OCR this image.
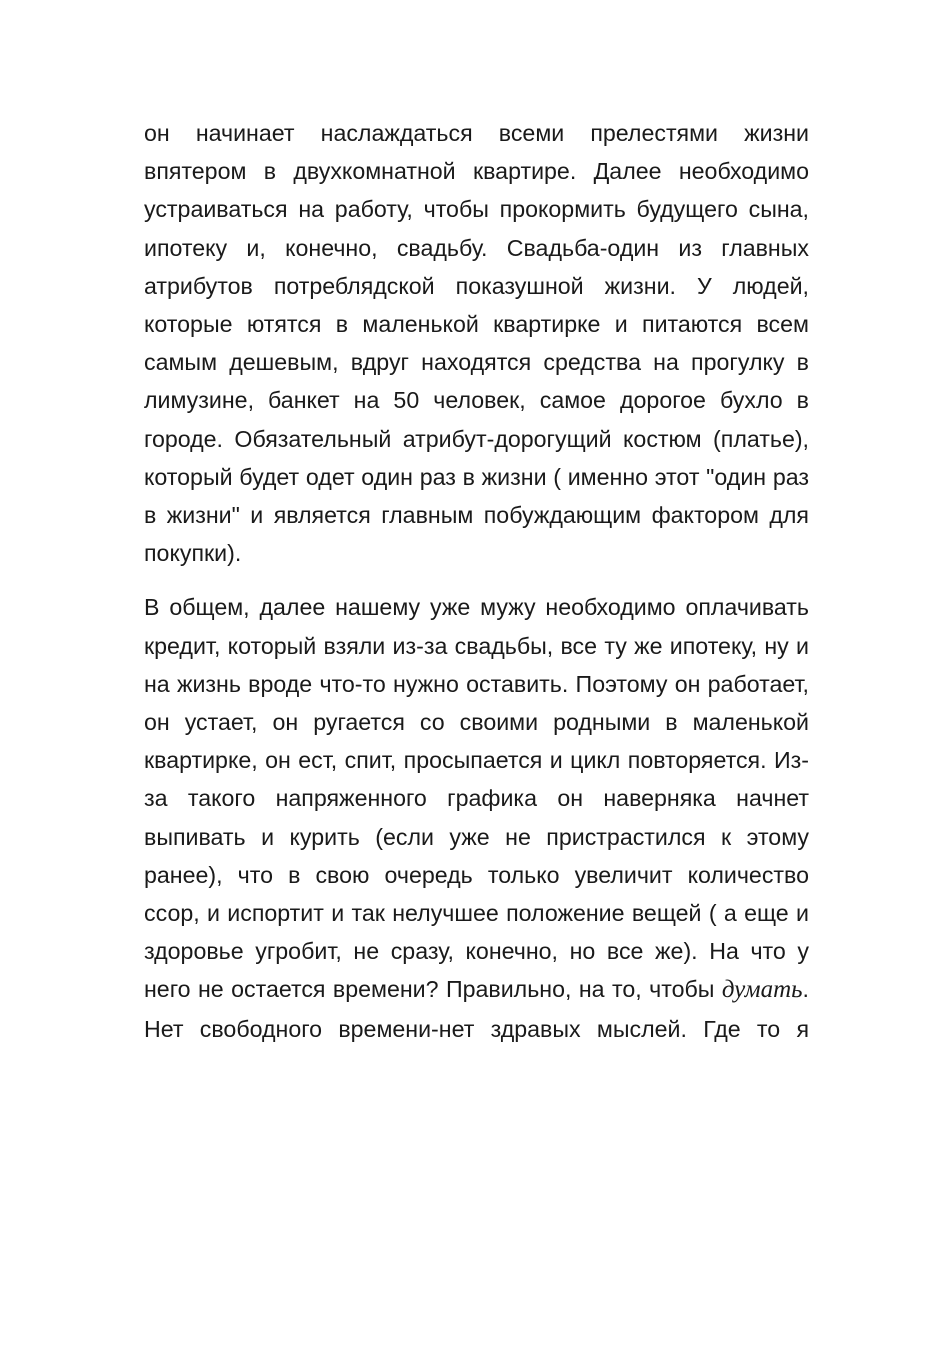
он начинает наслаждаться всеми прелестями жизни впятером в двухкомнатной квартире. Далее необходимо устраиваться на работу, чтобы прокормить будущего сына, ипотеку и, конечно, свадьбу. Свадьба-один из главных атрибутов потреблядской показушной жизни. У людей, которые ютятся в маленькой квартирке и питаются всем самым дешевым, вдруг находятся средства на прогулку в лимузине, банкет на 50 человек, самое дорогое бухло в городе. Обязательный атрибут-дорогущий костюм (платье), который будет одет один раз в жизни ( именно этот "один раз в жизни" и является главным побуждающим фактором для покупки).

В общем, далее нашему уже мужу необходимо оплачивать кредит, который взяли из-за свадьбы, все ту же ипотеку, ну и на жизнь вроде что-то нужно оставить. Поэтому он работает, он устает, он ругается со своими родными в маленькой квартирке, он ест, спит, просыпается и цикл повторяется. Из-за такого напряженного графика он наверняка начнет выпивать и курить (если уже не пристрастился к этому ранее), что в свою очередь только увеличит количество ссор, и испортит и так нелучшее положение вещей ( а еще и здоровье угробит, не сразу, конечно, но все же). На что у него не остается времени? Правильно, на то, чтобы думать. Нет свободного времени-нет здравых мыслей. Где то я
